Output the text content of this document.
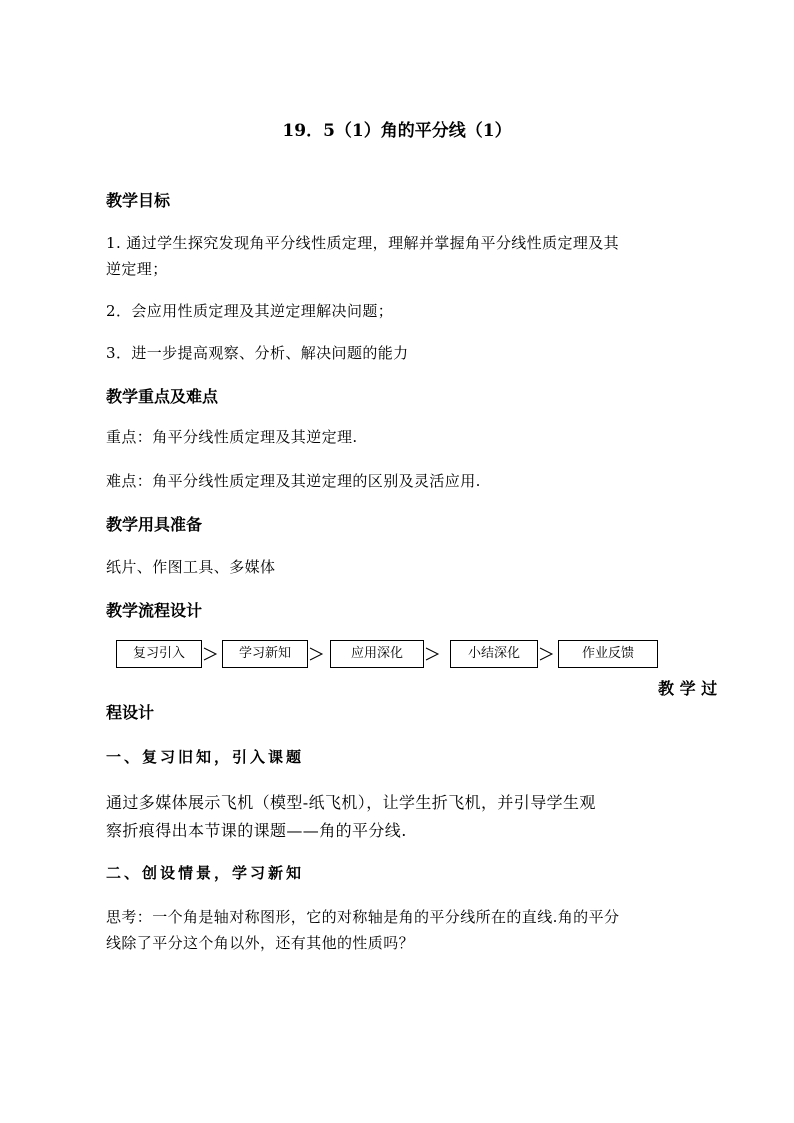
19．5（1）角的平分线（1）
教学目标
1. 通过学生探究发现角平分线性质定理，理解并掌握角平分线性质定理及其
逆定理；
2．会应用性质定理及其逆定理解决问题；
3．进一步提高观察、分析、解决问题的能力
教学重点及难点
重点：角平分线性质定理及其逆定理.
难点：角平分线性质定理及其逆定理的区别及灵活应用.
教学用具准备
纸片、作图工具、多媒体
教学流程设计
复习引入	学习新知	应用深化	小结深化	作业反馈
教 学 过
程设计
一、复习旧知，引入课题
通过多媒体展示飞机（模型-纸飞机），让学生折飞机，并引导学生观
察折痕得出本节课的课题——角的平分线.
二、创设情景，学习新知
思考：一个角是轴对称图形，它的对称轴是角的平分线所在的直线.角的平分
线除了平分这个角以外，还有其他的性质吗？
